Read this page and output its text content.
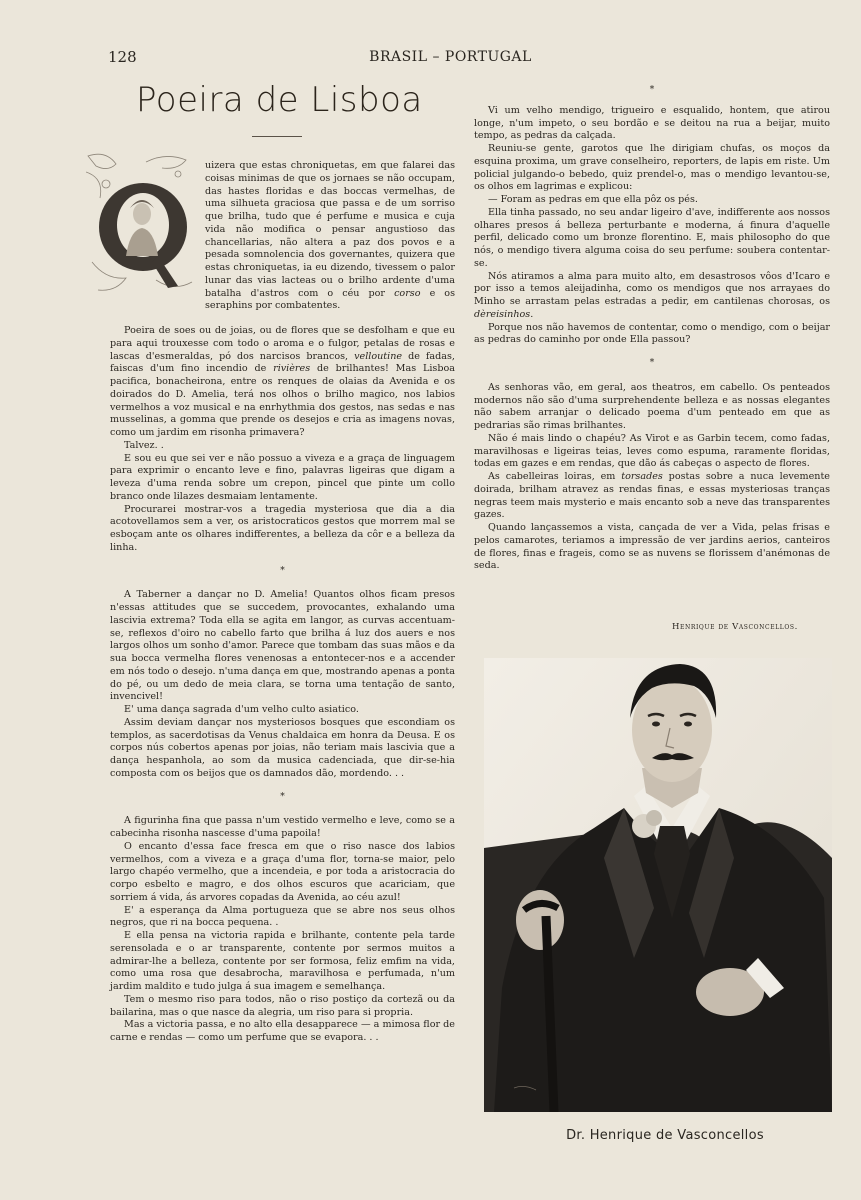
128	BRASIL – PORTUGAL
Poeira de Lisboa

uizera que estas chroniquetas, em que falarei das coisas minimas de que os jornaes se não occupam, das hastes floridas e das boccas vermelhas, de uma silhueta graciosa que passa e de um sorriso que brilha, tudo que é perfume e musica e cuja vida não modifica o pensar angustioso das chancellarias, não altera a paz dos povos e a pesada somnolencia dos governantes, quizera que estas chroniquetas, ia eu dizendo, tivessem o palor lunar das vias lacteas ou o brilho ardente d'uma batalha d'astros com o céu por corso e os seraphins por combatentes.

Poeira de soes ou de joias, ou de flores que se desfolham e que eu para aqui trouxesse com todo o aroma e o fulgor, petalas de rosas e lascas d'esmeraldas, pó dos narcisos brancos, velloutine de fadas, faiscas d'um fino incendio de rivières de brilhantes! Mas Lisboa pacifica, bonacheirona, entre os renques de olaias da Avenida e os doirados do D. Amelia, terá nos olhos o brilho magico, nos labios vermelhos a voz musical e na enrhythmia dos gestos, nas sedas e nas musselinas, a gomma que prende os desejos e cria as imagens novas, como um jardim em risonha primavera?

Talvez. .

E sou eu que sei ver e não possuo a viveza e a graça de linguagem para exprimir o encanto leve e fino, palavras ligeiras que digam a leveza d'uma renda sobre um crepon, pincel que pinte um collo branco onde lilazes desmaiam lentamente.

Procurarei mostrar-vos a tragedia mysteriosa que dia a dia acotovellamos sem a ver, os aristocraticos gestos que morrem mal se esboçam ante os olhares indifferentes, a belleza da côr e a belleza da linha.

*

A Taberner a dançar no D. Amelia! Quantos olhos ficam presos n'essas attitudes que se succedem, provocantes, exhalando uma lascivia extrema? Toda ella se agita em langor, as curvas accentuam-se, reflexos d'oiro no cabello farto que brilha á luz dos auers e nos largos olhos um sonho d'amor. Parece que tombam das suas mãos e da sua bocca vermelha flores venenosas a entontecer-nos e a accender em nós todo o desejo. n'uma dança em que, mostrando apenas a ponta do pé, ou um dedo de meia clara, se torna uma tentação de santo, invencivel!

E' uma dança sagrada d'um velho culto asiatico.

Assim deviam dançar nos mysteriosos bosques que escondiam os templos, as sacerdotisas da Venus chaldaica em honra da Deusa. E os corpos nús cobertos apenas por joias, não teriam mais lascivia que a dança hespanhola, ao som da musica cadenciada, que dir-se-hia composta com os beijos que os damnados dão, mordendo. . .

*

A figurinha fina que passa n'um vestido vermelho e leve, como se a cabecinha risonha nascesse d'uma papoila!

O encanto d'essa face fresca em que o riso nasce dos labios vermelhos, com a viveza e a graça d'uma flor, torna-se maior, pelo largo chapéo vermelho, que a incendeia, e por toda a aristocracia do corpo esbelto e magro, e dos olhos escuros que acariciam, que sorriem á vida, ás arvores copadas da Avenida, ao céu azul!

E' a esperança da Alma portugueza que se abre nos seus olhos negros, que ri na bocca pequena. .

E ella pensa na victoria rapida e brilhante, contente pela tarde serensolada e o ar transparente, contente por sermos muitos a admirar-lhe a belleza, contente por ser formosa, feliz emfim na vida, como uma rosa que desabrocha, maravilhosa e perfumada, n'um jardim maldito e tudo julga á sua imagem e semelhança.

Tem o mesmo riso para todos, não o riso postiço da cortezã ou da bailarina, mas o que nasce da alegria, um riso para si propria.

Mas a victoria passa, e no alto ella desapparece — a mimosa flor de carne e rendas — como um perfume que se evapora. . .

*

Vi um velho mendigo, trigueiro e esqualido, hontem, que atirou longe, n'um impeto, o seu bordão e se deitou na rua a beijar, muito tempo, as pedras da calçada.

Reuniu-se gente, garotos que lhe dirigiam chufas, os moços da esquina proxima, um grave conselheiro, reporters, de lapis em riste. Um policial julgando-o bebedo, quiz prendel-o, mas o mendigo levantou-se, os olhos em lagrimas e explicou:

— Foram as pedras em que ella pôz os pés.

Ella tinha passado, no seu andar ligeiro d'ave, indifferente aos nossos olhares presos á belleza perturbante e moderna, á finura d'aquelle perfil, delicado como um bronze florentino. E, mais philosopho do que nós, o mendigo tivera alguma coisa do seu perfume: soubera contentar-se.

Nós atiramos a alma para muito alto, em desastrosos vôos d'Icaro e por isso a temos aleijadinha, como os mendigos que nos arrayaes do Minho se arrastam pelas estradas a pedir, em cantilenas chorosas, os dèreisinhos.

Porque nos não havemos de contentar, como o mendigo, com o beijar as pedras do caminho por onde Ella passou?

*

As senhoras vão, em geral, aos theatros, em cabello. Os penteados modernos não são d'uma surprehendente belleza e as nossas elegantes não sabem arranjar o delicado poema d'um penteado em que as pedrarias são rimas brilhantes.

Não é mais lindo o chapéu? As Virot e as Garbin tecem, como fadas, maravilhosas e ligeiras teias, leves como espuma, raramente floridas, todas em gazes e em rendas, que dão ás cabeças o aspecto de flores.

As cabelleiras loiras, em torsades postas sobre a nuca levemente doirada, brilham atravez as rendas finas, e essas mysteriosas tranças negras teem mais mysterio e mais encanto sob a neve das transparentes gazes.

Quando lançassemos a vista, cançada de ver a Vida, pelas frisas e pelos camarotes, teriamos a impressão de ver jardins aerios, canteiros de flores, finas e frageis, como se as nuvens se florissem d'anémonas de seda.

Henrique de Vasconcellos.
Dr. Henrique de Vasconcellos
